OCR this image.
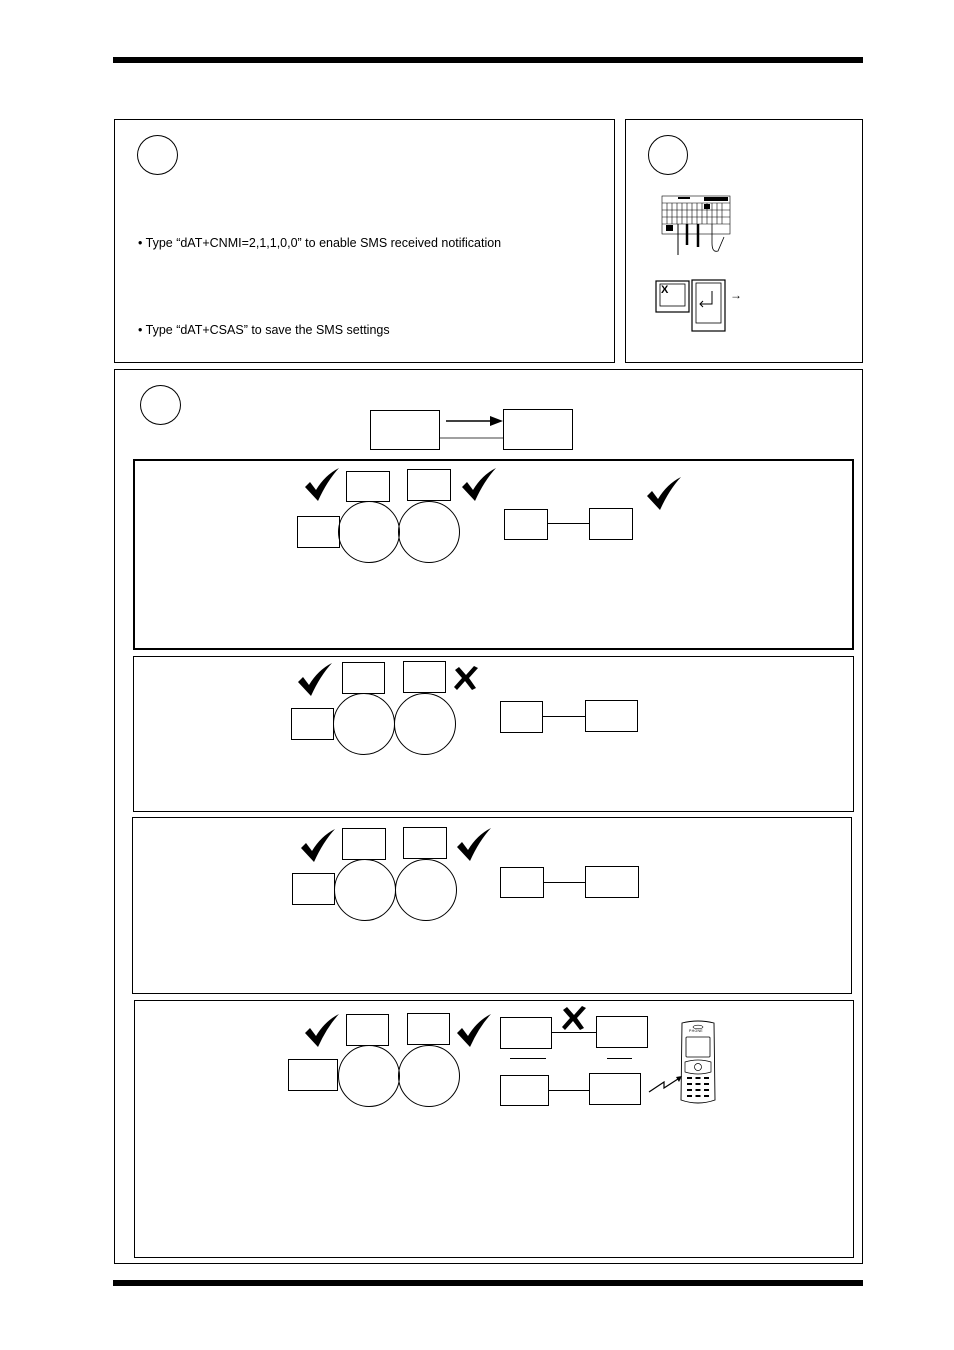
• Type “dAT+CNMI=2,1,1,0,0” to enable SMS received notification
• Type “dAT+CSAS” to save the SMS settings
X	→
PHONE
